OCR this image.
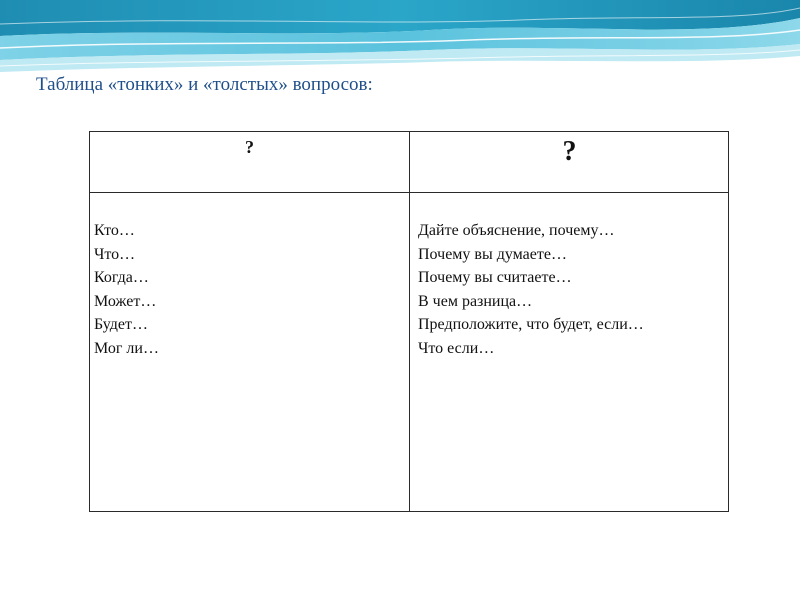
Таблица «тонких» и «толстых» вопросов:
?	?
Кто…
Что…
Когда…
Может…
Будет…
Мог ли…
Дайте объяснение, почему…
Почему вы думаете…
Почему вы считаете…
В чем разница…
Предположите, что будет, если…
Что если…
